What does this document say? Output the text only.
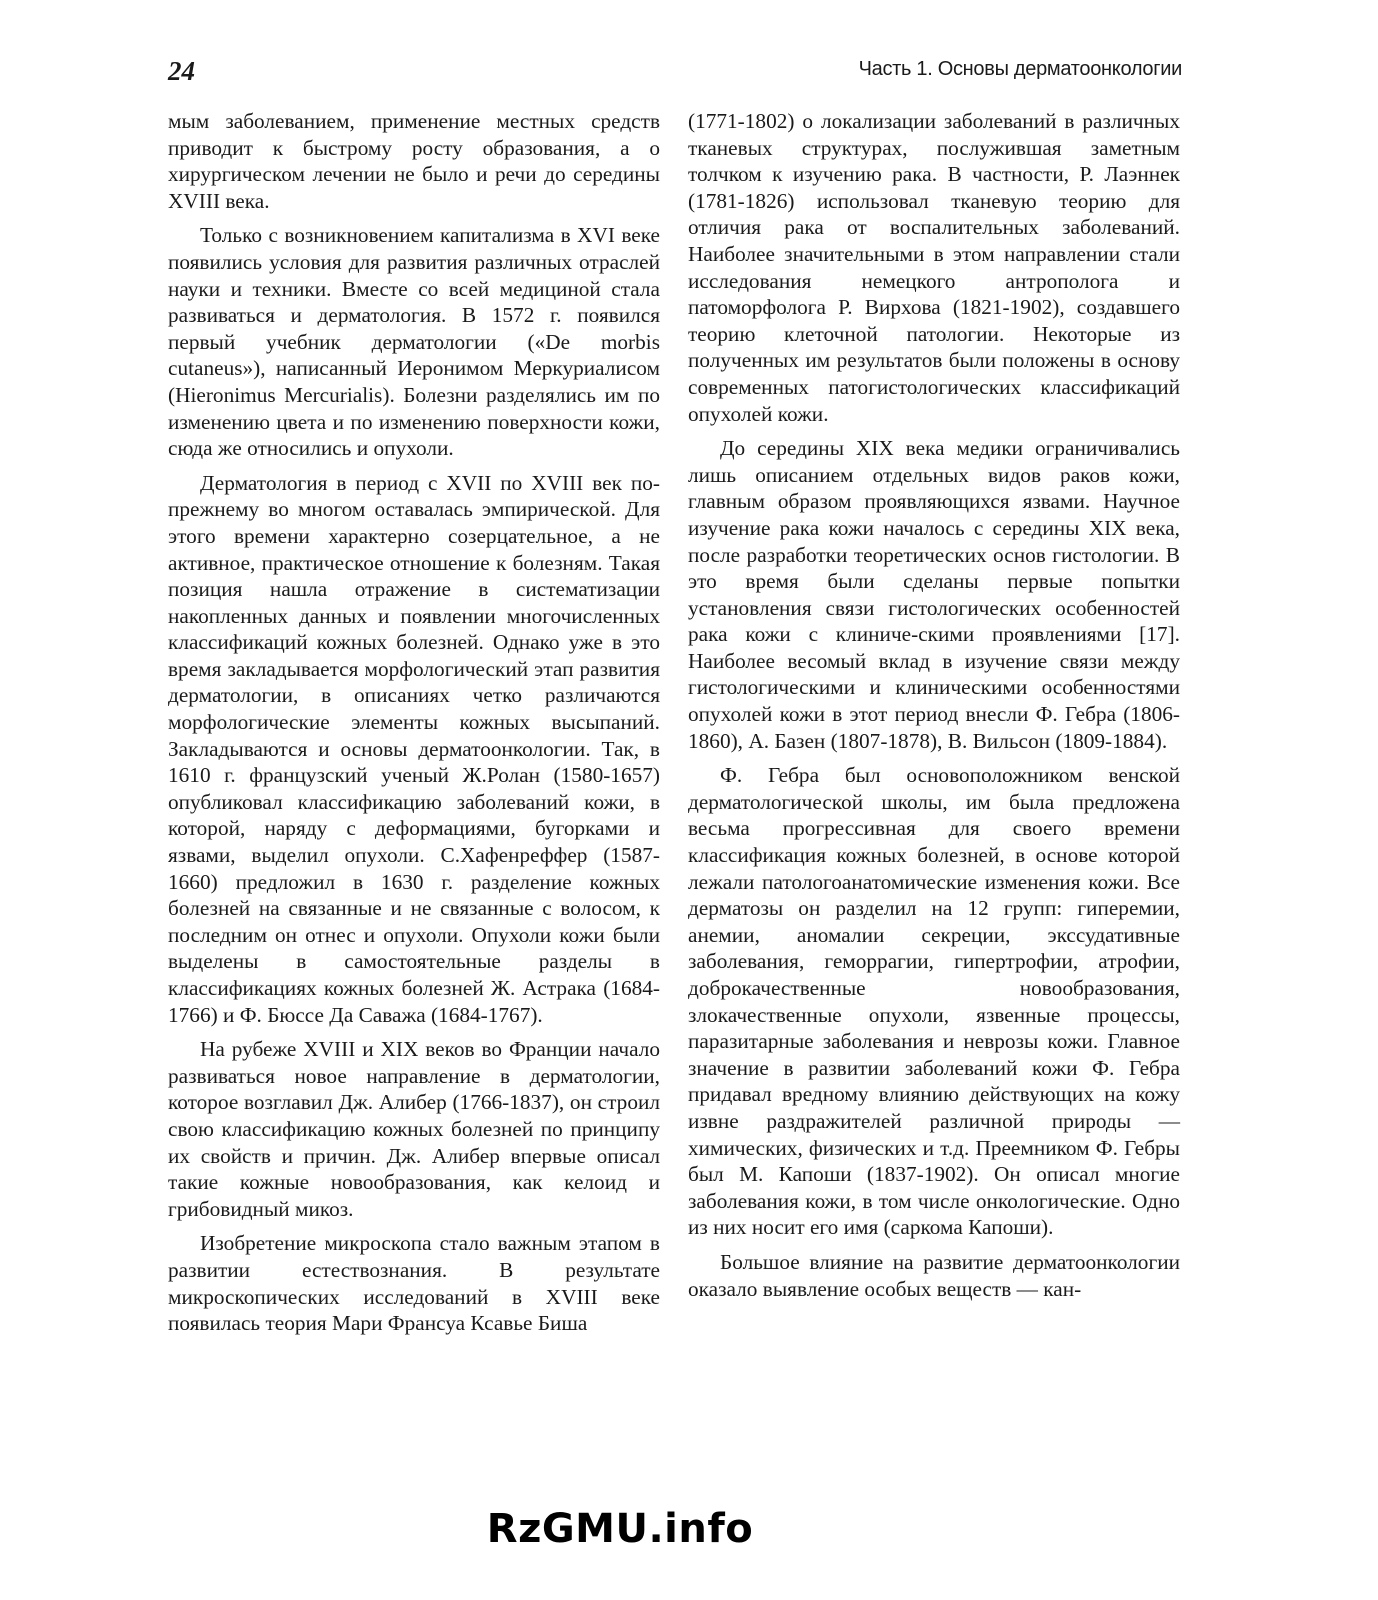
24	Часть 1. Основы дерматоонкологии

мым заболеванием, применение местных средств приводит к быстрому росту образования, а о хирургическом лечении не было и речи до середины XVIII века.

Только с возникновением капитализма в XVI веке появились условия для развития различных отраслей науки и техники. Вместе со всей медициной стала развиваться и дерматология. В 1572 г. появился первый учебник дерматологии («De morbis cutaneus»), написанный Иеронимом Меркуриалисом (Hieronimus Mercurialis). Болезни разделялись им по изменению цвета и по изменению поверхности кожи, сюда же относились и опухоли.

Дерматология в период с XVII по XVIII век по-прежнему во многом оставалась эмпирической. Для этого времени характерно созерцательное, а не активное, практическое отношение к болезням. Такая позиция нашла отражение в систематизации накопленных данных и появлении многочисленных классификаций кожных болезней. Однако уже в это время закладывается морфологический этап развития дерматологии, в описаниях четко различаются морфологические элементы кожных высыпаний. Закладываются и основы дерматоонкологии. Так, в 1610 г. французский ученый Ж.Ролан (1580-1657) опубликовал классификацию заболеваний кожи, в которой, наряду с деформациями, бугорками и язвами, выделил опухоли. С.Хафенреффер (1587-1660) предложил в 1630 г. разделение кожных болезней на связанные и не связанные с волосом, к последним он отнес и опухоли. Опухоли кожи были выделены в самостоятельные разделы в классификациях кожных болезней Ж. Астрака (1684-1766) и Ф. Бюссе Да Саважа (1684-1767).

На рубеже XVIII и XIX веков во Франции начало развиваться новое направление в дерматологии, которое возглавил Дж. Алибер (1766-1837), он строил свою классификацию кожных болезней по принципу их свойств и причин. Дж. Алибер впервые описал такие кожные новообразования, как келоид и грибовидный микоз.

Изобретение микроскопа стало важным этапом в развитии естествознания. В результате микроскопических исследований в XVIII веке появилась теория Мари Франсуа Ксавье Биша

(1771-1802) о локализации заболеваний в различных тканевых структурах, послужившая заметным толчком к изучению рака. В частности, Р. Лаэннек (1781-1826) использовал тканевую теорию для отличия рака от воспалительных заболеваний. Наиболее значительными в этом направлении стали исследования немецкого антрополога и патоморфолога Р. Вирхова (1821-1902), создавшего теорию клеточной патологии. Некоторые из полученных им результатов были положены в основу современных патогистологических классификаций опухолей кожи.

До середины XIX века медики ограничивались лишь описанием отдельных видов раков кожи, главным образом проявляющихся язвами. Научное изучение рака кожи началось с середины XIX века, после разработки теоретических основ гистологии. В это время были сделаны первые попытки установления связи гистологических особенностей рака кожи с клиниче-скими проявлениями [17]. Наиболее весомый вклад в изучение связи между гистологическими и клиническими особенностями опухолей кожи в этот период внесли Ф. Гебра (1806-1860), А. Базен (1807-1878), В. Вильсон (1809-1884).

Ф. Гебра был основоположником венской дерматологической школы, им была предложена весьма прогрессивная для своего времени классификация кожных болезней, в основе которой лежали патологоанатомические изменения кожи. Все дерматозы он разделил на 12 групп: гиперемии, анемии, аномалии секреции, экссудативные заболевания, геморрагии, гипертрофии, атрофии, доброкачественные новообразования, злокачественные опухоли, язвенные процессы, паразитарные заболевания и неврозы кожи. Главное значение в развитии заболеваний кожи Ф. Гебра придавал вредному влиянию действующих на кожу извне раздражителей различной природы — химических, физических и т.д. Преемником Ф. Гебры был М. Капоши (1837-1902). Он описал многие заболевания кожи, в том числе онкологические. Одно из них носит его имя (саркома Капоши).

Большое влияние на развитие дерматоонкологии оказало выявление особых веществ — кан-

RzGMU.info
